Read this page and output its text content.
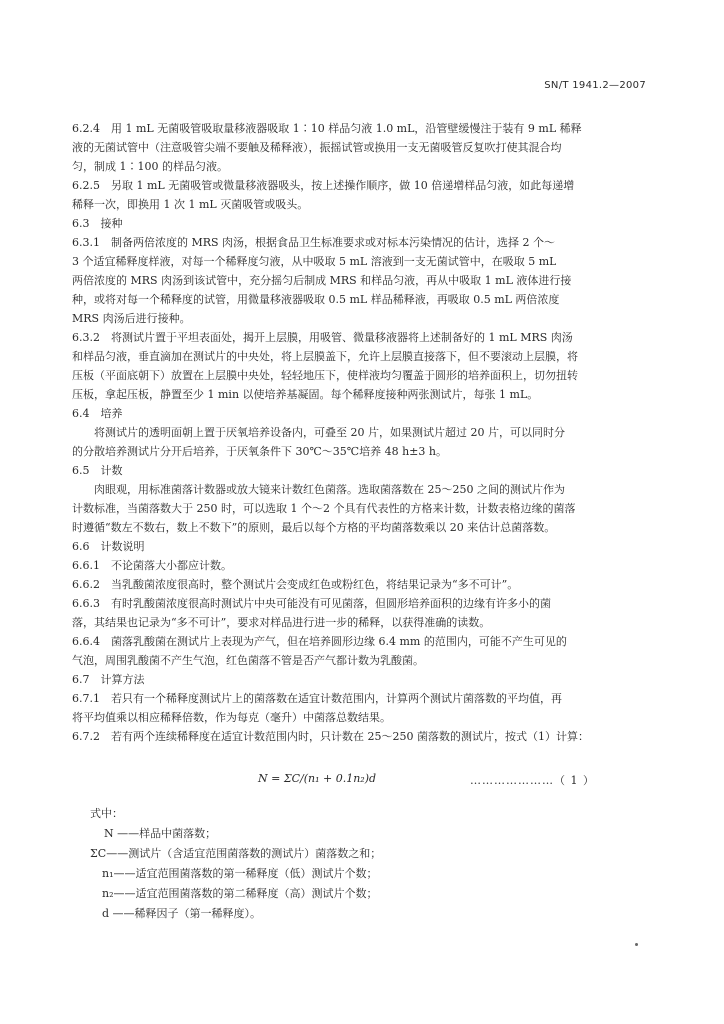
SN/T 1941.2—2007
6.2.4　用 1 mL 无菌吸管吸取量移液器吸取 1∶10 样品匀液 1.0 mL，沿管壁缓慢注于装有 9 mL 稀释
液的无菌试管中（注意吸管尖端不要触及稀释液），振摇试管或换用一支无菌吸管反复吹打使其混合均
匀，制成 1∶100 的样品匀液。
6.2.5　另取 1 mL 无菌吸管或微量移液器吸头，按上述操作顺序，做 10 倍递增样品匀液，如此每递增
稀释一次，即换用 1 次 1 mL 灭菌吸管或吸头。
6.3　接种
6.3.1　制备两倍浓度的 MRS 肉汤，根据食品卫生标准要求或对标本污染情况的估计，选择 2 个～
3 个适宜稀释度样液，对每一个稀释度匀液，从中吸取 5 mL 溶液到一支无菌试管中，在吸取 5 mL
两倍浓度的 MRS 肉汤到该试管中，充分摇匀后制成 MRS 和样品匀液，再从中吸取 1 mL 液体进行接
种，或将对每一个稀释度的试管，用微量移液器吸取 0.5 mL 样品稀释液，再吸取 0.5 mL 两倍浓度
MRS 肉汤后进行接种。
6.3.2　将测试片置于平坦表面处，揭开上层膜，用吸管、微量移液器将上述制备好的 1 mL MRS 肉汤
和样品匀液，垂直滴加在测试片的中央处，将上层膜盖下，允许上层膜直接落下，但不要滚动上层膜，将
压板（平面底朝下）放置在上层膜中央处，轻轻地压下，使样液均匀覆盖于圆形的培养面积上，切勿扭转
压板，拿起压板，静置至少 1 min 以使培养基凝固。每个稀释度接种两张测试片，每张 1 mL。
6.4　培养
　　将测试片的透明面朝上置于厌氧培养设备内，可叠至 20 片，如果测试片超过 20 片，可以同时分
的分散培养测试片分开后培养，于厌氧条件下 30℃～35℃培养 48 h±3 h。
6.5　计数
　　肉眼观，用标准菌落计数器或放大镜来计数红色菌落。选取菌落数在 25～250 之间的测试片作为
计数标准，当菌落数大于 250 时，可以选取 1 个～2 个具有代表性的方格来计数，计数表格边缘的菌落
时遵循“数左不数右，数上不数下”的原则，最后以每个方格的平均菌落数乘以 20 来估计总菌落数。
6.6　计数说明
6.6.1　不论菌落大小都应计数。
6.6.2　当乳酸菌浓度很高时，整个测试片会变成红色或粉红色，将结果记录为“多不可计”。
6.6.3　有时乳酸菌浓度很高时测试片中央可能没有可见菌落，但圆形培养面积的边缘有许多小的菌
落，其结果也记录为“多不可计”，要求对样品进行进一步的稀释，以获得准确的读数。
6.6.4　菌落乳酸菌在测试片上表现为产气，但在培养圆形边缘 6.4 mm 的范围内，可能不产生可见的
气泡，周围乳酸菌不产生气泡，红色菌落不管是否产气都计数为乳酸菌。
6.7　计算方法
6.7.1　若只有一个稀释度测试片上的菌落数在适宜计数范围内，计算两个测试片菌落数的平均值，再
将平均值乘以相应稀释倍数，作为每克（毫升）中菌落总数结果。
6.7.2　若有两个连续稀释度在适宜计数范围内时，只计数在 25～250 菌落数的测试片，按式（1）计算：
N = ΣC/(n₁ + 0.1n₂)d	…………………（ 1 ）
式中：
N ——样品中菌落数；
ΣC——测试片（含适宜范围菌落数的测试片）菌落数之和；
n₁——适宜范围菌落数的第一稀释度（低）测试片个数；
n₂——适宜范围菌落数的第二稀释度（高）测试片个数；
d ——稀释因子（第一稀释度）。
